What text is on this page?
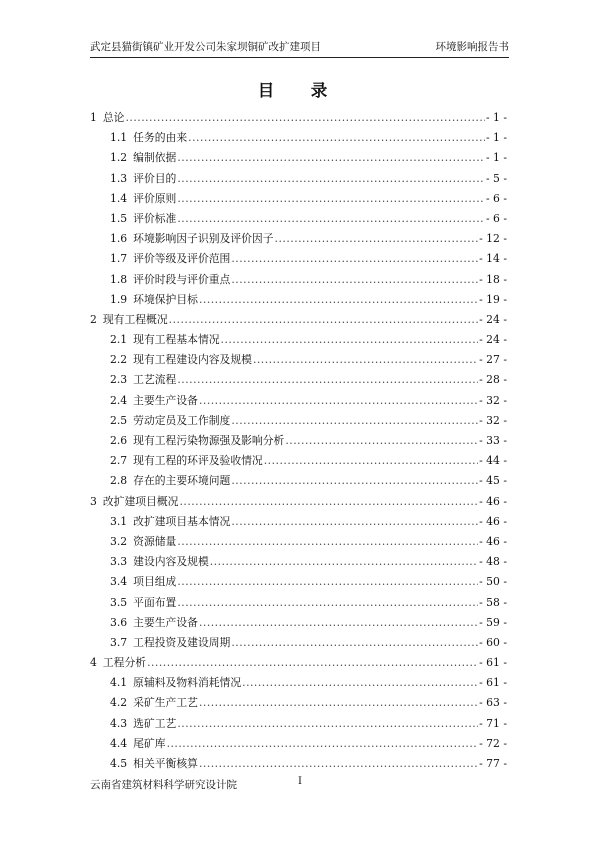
武定县猫街镇矿业开发公司朱家坝铜矿改扩建项目	环境影响报告书
目　录
1 总论 .....	- 1 -
1.1 任务的由来 .....	- 1 -
1.2 编制依据 .....	- 1 -
1.3 评价目的 .....	- 5 -
1.4 评价原则 .....	- 6 -
1.5 评价标准 .....	- 6 -
1.6 环境影响因子识别及评价因子 .....	- 12 -
1.7 评价等级及评价范围 .....	- 14 -
1.8 评价时段与评价重点 .....	- 18 -
1.9 环境保护目标 .....	- 19 -
2 现有工程概况 .....	- 24 -
2.1 现有工程基本情况 .....	- 24 -
2.2 现有工程建设内容及规模 .....	- 27 -
2.3 工艺流程 .....	- 28 -
2.4 主要生产设备 .....	- 32 -
2.5 劳动定员及工作制度 .....	- 32 -
2.6 现有工程污染物源强及影响分析 .....	- 33 -
2.7 现有工程的环评及验收情况 .....	- 44 -
2.8 存在的主要环境问题 .....	- 45 -
3 改扩建项目概况 .....	- 46 -
3.1 改扩建项目基本情况 .....	- 46 -
3.2 资源储量 .....	- 46 -
3.3 建设内容及规模 .....	- 48 -
3.4 项目组成 .....	- 50 -
3.5 平面布置 .....	- 58 -
3.6 主要生产设备 .....	- 59 -
3.7 工程投资及建设周期 .....	- 60 -
4 工程分析 .....	- 61 -
4.1 原辅料及物料消耗情况 .....	- 61 -
4.2 采矿生产工艺 .....	- 63 -
4.3 选矿工艺 .....	- 71 -
4.4 尾矿库 .....	- 72 -
4.5 相关平衡核算 .....	- 77 -
云南省建筑材料科学研究设计院	I
